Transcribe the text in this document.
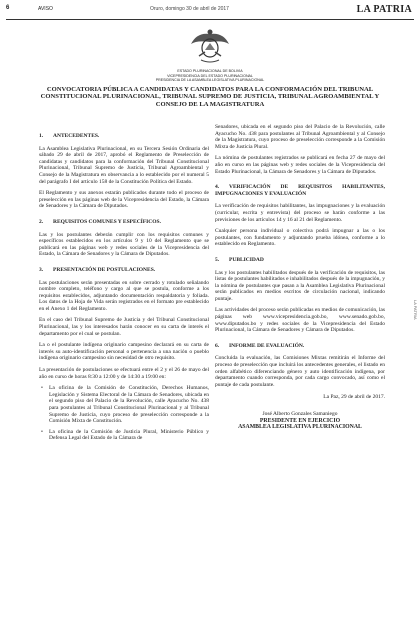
6	AVISO	Oruro, domingo 30 de abril de 2017	LA PATRIA
LA PATRIA
ESTADO PLURINACIONAL DE BOLIVIA
VICEPRESIDENCIA DEL ESTADO PLURINACIONAL
PRESIDENCIA DE LA ASAMBLEA LEGISLATIVA PLURINACIONAL
CONVOCATORIA PÚBLICA A CANDIDATAS Y CANDIDATOS PARA LA CONFORMACIÓN DEL TRIBUNAL CONSTITUCIONAL PLURINACIONAL, TRIBUNAL SUPREMO DE JUSTICIA, TRIBUNAL AGROAMBIENTAL Y CONSEJO DE LA MAGISTRATURA
1. ANTECEDENTES.

La Asamblea Legislativa Plurinacional, en su Tercera Sesión Ordinaria del sábado 29 de abril de 2017, aprobó el Reglamento de Preselección de candidatas y candidatos para la conformación del Tribunal Constitucional Plurinacional, Tribunal Supremo de Justicia, Tribunal Agroambiental y Consejo de la Magistratura en observancia a lo establecido por el numeral 5 del parágrafo I del artículo 158 de la Constitución Política del Estado.

El Reglamento y sus anexos estarán publicados durante todo el proceso de preselección en las páginas web de la Vicepresidencia del Estado, la Cámara de Senadores y la Cámara de Diputados.

2. REQUISITOS COMUNES Y ESPECÍFICOS.

Las y los postulantes deberán cumplir con los requisitos comunes y específicos establecidos en los artículos 9 y 10 del Reglamento que se publicará en las páginas web y redes sociales de la Vicepresidencia del Estado, la Cámara de Senadores y la Cámara de Diputados.

3. PRESENTACIÓN DE POSTULACIONES.

Las postulaciones serán presentadas en sobre cerrado y rotulado señalando nombre completo, teléfono y cargo al que se postula, conforme a los requisitos establecidos, adjuntando documentación respaldatoria y foliada. Los datos de la Hoja de Vida serán registrados en el formato pre establecido en el Anexo 1 del Reglamento.

En el caso del Tribunal Supremo de Justicia y del Tribunal Constitucional Plurinacional, las y los interesados harán conocer en su carta de interés el departamento por el cual se postulan.

La o el postulante indígena originario campesino declarará en su carta de interés su auto-identificación personal o pertenencia a una nación o pueblo indígena originario campesino sin necesidad de otro requisito.

La presentación de postulaciones se efectuará entre el 2 y el 26 de mayo del año en curso de horas 8:30 a 12:00 y de 14:30 a 19:00 en:

• La oficina de la Comisión de Constitución, Derechos Humanos, Legislación y Sistema Electoral de la Cámara de Senadores, ubicada en el segundo piso del Palacio de la Revolución, calle Ayacucho No. 438 para postulantes al Tribunal Constitucional Plurinacional y al Tribunal Supremo de Justicia, cuyo proceso de preselección corresponde a la Comisión Mixta de Constitución.
• La oficina de la Comisión de Justicia Plural, Ministerio Público y Defensa Legal del Estado de la Cámara de

Senadores, ubicada en el segundo piso del Palacio de la Revolución, calle Ayacucho No. 438 para postulantes al Tribunal Agroambiental y al Consejo de la Magistratura, cuyo proceso de preselección corresponde a la Comisión Mixta de Justicia Plural.

La nómina de postulantes registrados se publicará en fecha 27 de mayo del año en curso en las páginas web y redes sociales de la Vicepresidencia del Estado Plurinacional, la Cámara de Senadores y la Cámara de Diputados.

4. VERIFICACIÓN DE REQUISITOS HABILITANTES, IMPUGNACIONES Y EVALUACIÓN

La verificación de requisitos habilitantes, las impugnaciones y la evaluación (curricular, escrita y entrevista) del proceso se harán conforme a las previsiones de los artículos 14 y 16 al 21 del Reglamento.

Cualquier persona individual o colectiva podrá impugnar a las o los postulantes, con fundamento y adjuntando prueba idónea, conforme a lo establecido en Reglamento.

5. PUBLICIDAD

Las y los postulantes habilitados después de la verificación de requisitos, las listas de postulantes habilitados e inhabilitados después de la impugnación, y la nómina de postulantes que pasan a la Asamblea Legislativa Plurinacional serán publicados en medios escritos de circulación nacional, indicando puntaje.

Las actividades del proceso serán publicadas en medios de comunicación, las páginas web www.vicepresidencia.gob.bo, www.senado.gob.bo, www.diputados.bo y redes sociales de la Vicepresidencia del Estado Plurinacional, la Cámara de Senadores y Cámara de Diputados.

6. INFORME DE EVALUACIÓN.

Concluida la evaluación, las Comisiones Mixtas remitirán el Informe del proceso de preselección que incluirá los antecedentes generales, el listado en orden alfabético diferenciando género y auto identificación indígena, por departamento cuando corresponda, por cada cargo convocado, así como el puntaje de cada postulante.

La Paz, 29 de abril de 2017.
José Alberto Gonzales Samaniego
PRESIDENTE EN EJERCICIO
ASAMBLEA LEGISLATIVA PLURINACIONAL
